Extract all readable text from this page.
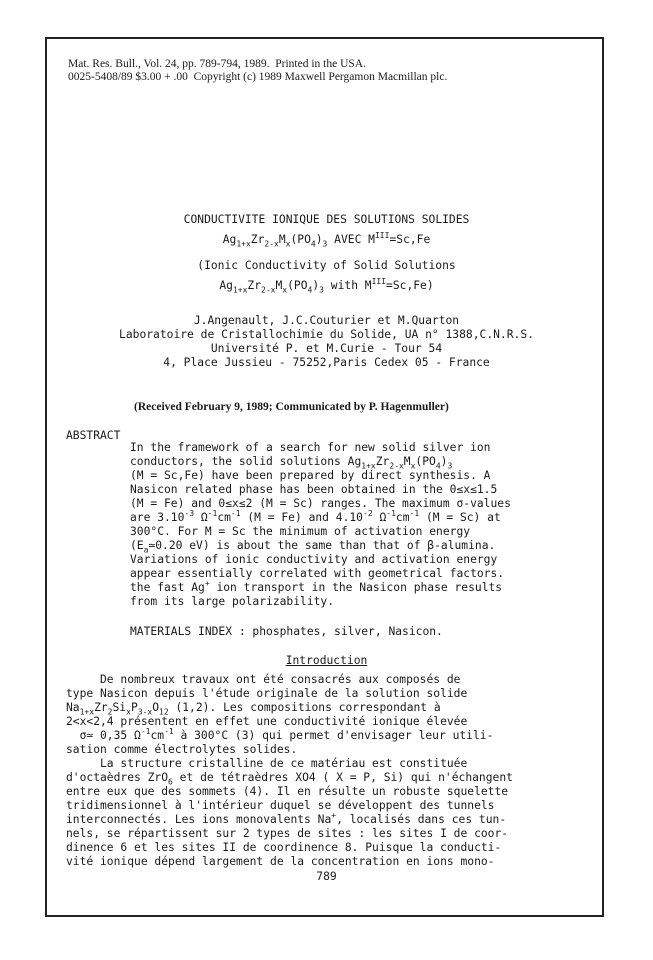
Mat. Res. Bull., Vol. 24, pp. 789-794, 1989.  Printed in the USA.
0025-5408/89 $3.00 + .00  Copyright (c) 1989 Maxwell Pergamon Macmillan plc.
CONDUCTIVITE IONIQUE DES SOLUTIONS SOLIDES
$Ag_{1+x}Zr_{2-x}M_x(PO_4)_3$ AVEC $M^{III}=Sc,Fe$
(Ionic Conductivity of Solid Solutions
$Ag_{1+x}Zr_{2-x}M_x(PO_4)_3$ with $M^{III}=Sc,Fe$)
J.Angenault, J.C.Couturier et M.Quarton
Laboratoire de Cristallochimie du Solide, UA n° 1388,C.N.R.S.
Université P. et M.Curie - Tour 54
4, Place Jussieu - 75252,Paris Cedex 05 - France
(Received February 9, 1989; Communicated by P. Hagenmuller)
ABSTRACT
In the framework of a search for new solid silver ion
conductors, the solid solutions $Ag_{1+x}Zr_{2-x}M_x(PO_4)_3$
(M = Sc,Fe) have been prepared by direct synthesis. A
Nasicon related phase has been obtained in the 0≤x≤1.5
(M = Fe) and 0≤x≤2 (M = Sc) ranges. The maximum σ-values
are $3.10^{-3}$ $\Omega^{-1}cm^{-1}$ (M = Fe) and $4.10^{-2}$ $\Omega^{-1}cm^{-1}$ (M = Sc) at
300°C. For M = Sc the minimum of activation energy
($E_a≃0.20$ eV) is about the same than that of β-alumina.
Variations of ionic conductivity and activation energy
appear essentially correlated with geometrical factors.
the fast Ag+ ion transport in the Nasicon phase results
from its large polarizability.
MATERIALS INDEX : phosphates, silver, Nasicon.
Introduction
De nombreux travaux ont été consacrés aux composés de
type Nasicon depuis l'étude originale de la solution solide
$Na_{1+x}Zr_2Si_xP_{3-x}O_{12}$ (1,2). Les compositions correspondant à
2<x<2,4 présentent en effet une conductivité ionique élevée
σ≃ 0,35 $\Omega^{-1}cm^{-1}$ à 300°C (3) qui permet d'envisager leur utili-
sation comme électrolytes solides.
La structure cristalline de ce matériau est constituée
d'octaèdres ZrO$_6$ et de tétraèdres XO4 ( X = P, Si) qui n'échangent
entre eux que des sommets (4). Il en résulte un robuste squelette
tridimensionnel à l'intérieur duquel se développent des tunnels
interconnectés. Les ions monovalents Na+, localisés dans ces tun-
nels, se répartissent sur 2 types de sites : les sites I de coor-
dinence 6 et les sites II de coordinence 8. Puisque la conducti-
vité ionique dépend largement de la concentration en ions mono-
789
